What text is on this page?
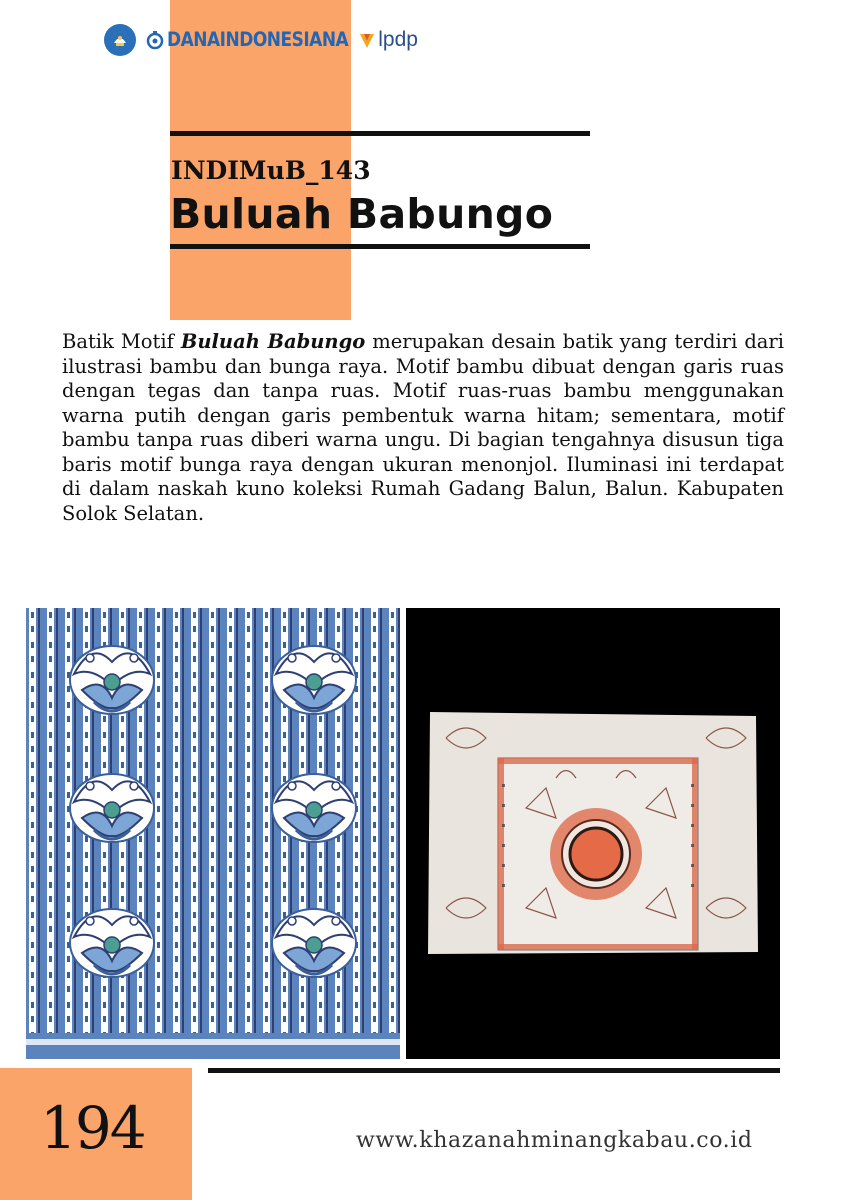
DANAINDONESIANA lpdp
INDIMuB_143
Buluah Babungo

Batik Motif Buluah Babungo merupakan desain batik yang terdiri dari ilustrasi bambu dan bunga raya. Motif bambu dibuat dengan garis ruas dengan tegas dan tanpa ruas. Motif ruas-ruas bambu menggunakan warna putih dengan garis pembentuk warna hitam; sementara, motif bambu tanpa ruas diberi warna ungu. Di bagian tengahnya disusun tiga baris motif bunga raya dengan ukuran menonjol. Iluminasi ini terdapat di dalam naskah kuno koleksi Rumah Gadang Balun, Balun. Kabupaten Solok Selatan.

194	www.khazanahminangkabau.co.id
